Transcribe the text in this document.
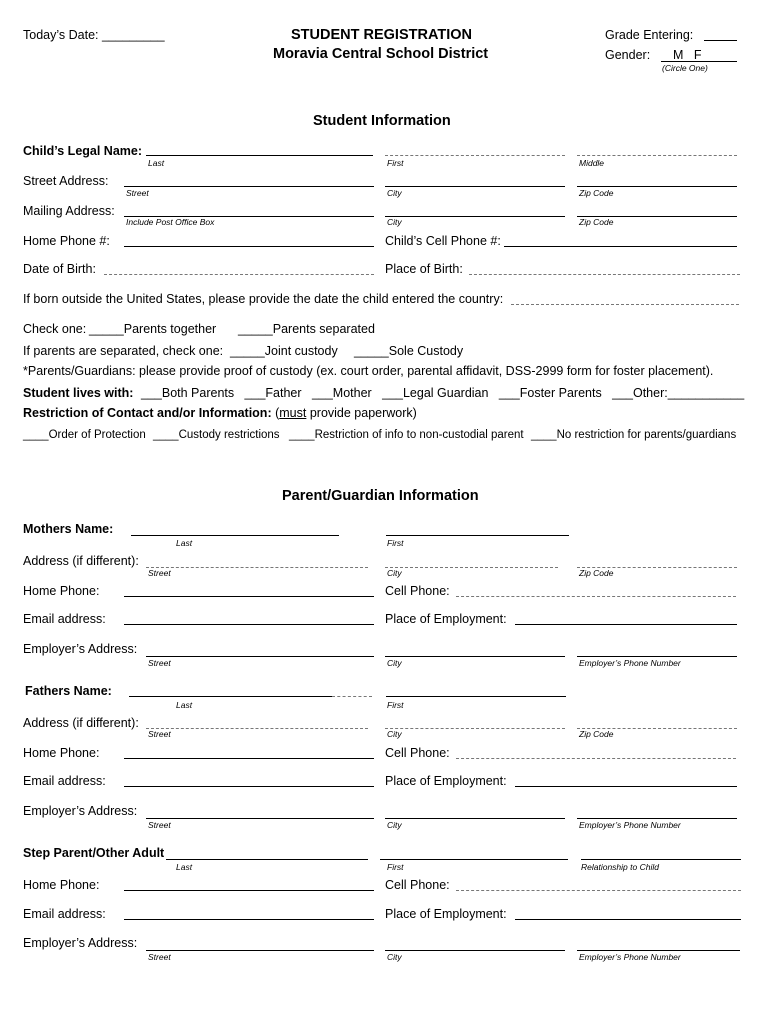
Today’s Date: _________	STUDENT REGISTRATION
Moravia Central School District
Grade Entering:
Gender: M   F
(Circle One)
Student Information
Child’s Legal Name:
Last	First	Middle
Street Address:
Street	City	Zip Code
Mailing Address:
Include Post Office Box	City	Zip Code
Home Phone #:	Child’s Cell Phone #:
Date of Birth:	Place of Birth:
If born outside the United States, please provide the date the child entered the country:
Check one: _____Parents together _____Parents separated
If parents are separated, check one: _____Joint custody _____Sole Custody
*Parents/Guardians: please provide proof of custody (ex. court order, parental affidavit, DSS-2999 form for foster placement).
Student lives with: ___Both Parents   ___Father   ___Mother   ___Legal Guardian   ___Foster Parents   ___Other:___________
Restriction of Contact and/or Information: (must provide paperwork)
____Order of Protection ____Custody restrictions ____Restriction of info to non-custodial parent ____No restriction for parents/guardians
Parent/Guardian Information
Mothers Name:
Last	First
Address (if different):
Street	City	Zip Code
Home Phone:	Cell Phone:
Email address:	Place of Employment:
Employer’s Address:
Street	City	Employer’s Phone Number
Fathers Name:
Last	First
Address (if different):
Street	City	Zip Code
Home Phone:	Cell Phone:
Email address:	Place of Employment:
Employer’s Address:
Street	City	Employer’s Phone Number
Step Parent/Other Adult
Last	First	Relationship to Child
Home Phone:	Cell Phone:
Email address:	Place of Employment:
Employer’s Address:
Street	City	Employer’s Phone Number
